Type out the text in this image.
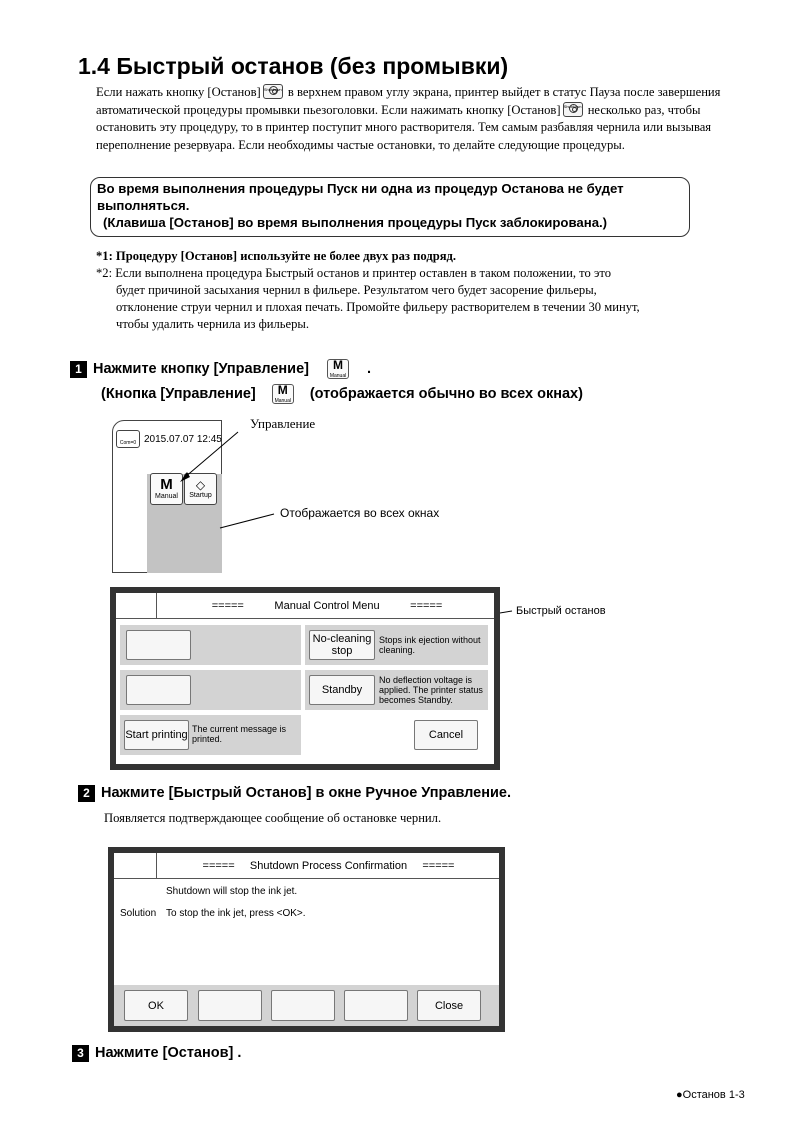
1.4 Быстрый останов (без промывки)
Если нажать кнопку [Останов] Shutdown в верхнем правом углу экрана, принтер выйдет в статус Пауза после завершения автоматической процедуры промывки пьезоголовки. Если нажимать кнопку [Останов] Shutdown несколько раз, чтобы остановить эту процедуру, то в принтер поступит много растворителя. Тем самым разбавляя чернила или вызывая переполнение резервуара. Если необходимы частые остановки, то делайте следующие процедуры.
Во время выполнения процедуры Пуск ни одна из процедур Останова не будет выполняться.
(Клавиша [Останов] во время выполнения процедуры Пуск заблокирована.)
*1: Процедуру [Останов] используйте не более двух раз подряд.
*2: Если выполнена процедура Быстрый останов и принтер оставлен в таком положении, то это
будет причиной засыхания чернил в фильере. Результатом чего будет засорение фильеры,
отклонение струи чернил и плохая печать. Промойте фильеру растворителем в течении 30 минут,
чтобы удалить чернила из фильеры.
1 Нажмите кнопку [Управление]	M
Manual .
(Кнопка [Управление]	M
Manual (отображается обычно во всех окнах)
Управление
Com=0 2015.07.07 12:45
M
Manual
◇
Startup
Отображается во всех окнах
=====          Manual Control Menu          =====
No-cleaning stop
Stops ink ejection without cleaning.
Standby
No deflection voltage is applied. The printer status becomes Standby.
Start printing The current message is printed.	Cancel
Быстрый останов
2 Нажмите [Быстрый Останов] в окне Ручное Управление.
Появляется подтверждающее сообщение об остановке чернил.
=====     Shutdown Process Confirmation     =====
Shutdown will stop the ink jet.
Solution To stop the ink jet, press <OK>.
OK	Close
3 Нажмите [Останов] .
●Останов 1-3
